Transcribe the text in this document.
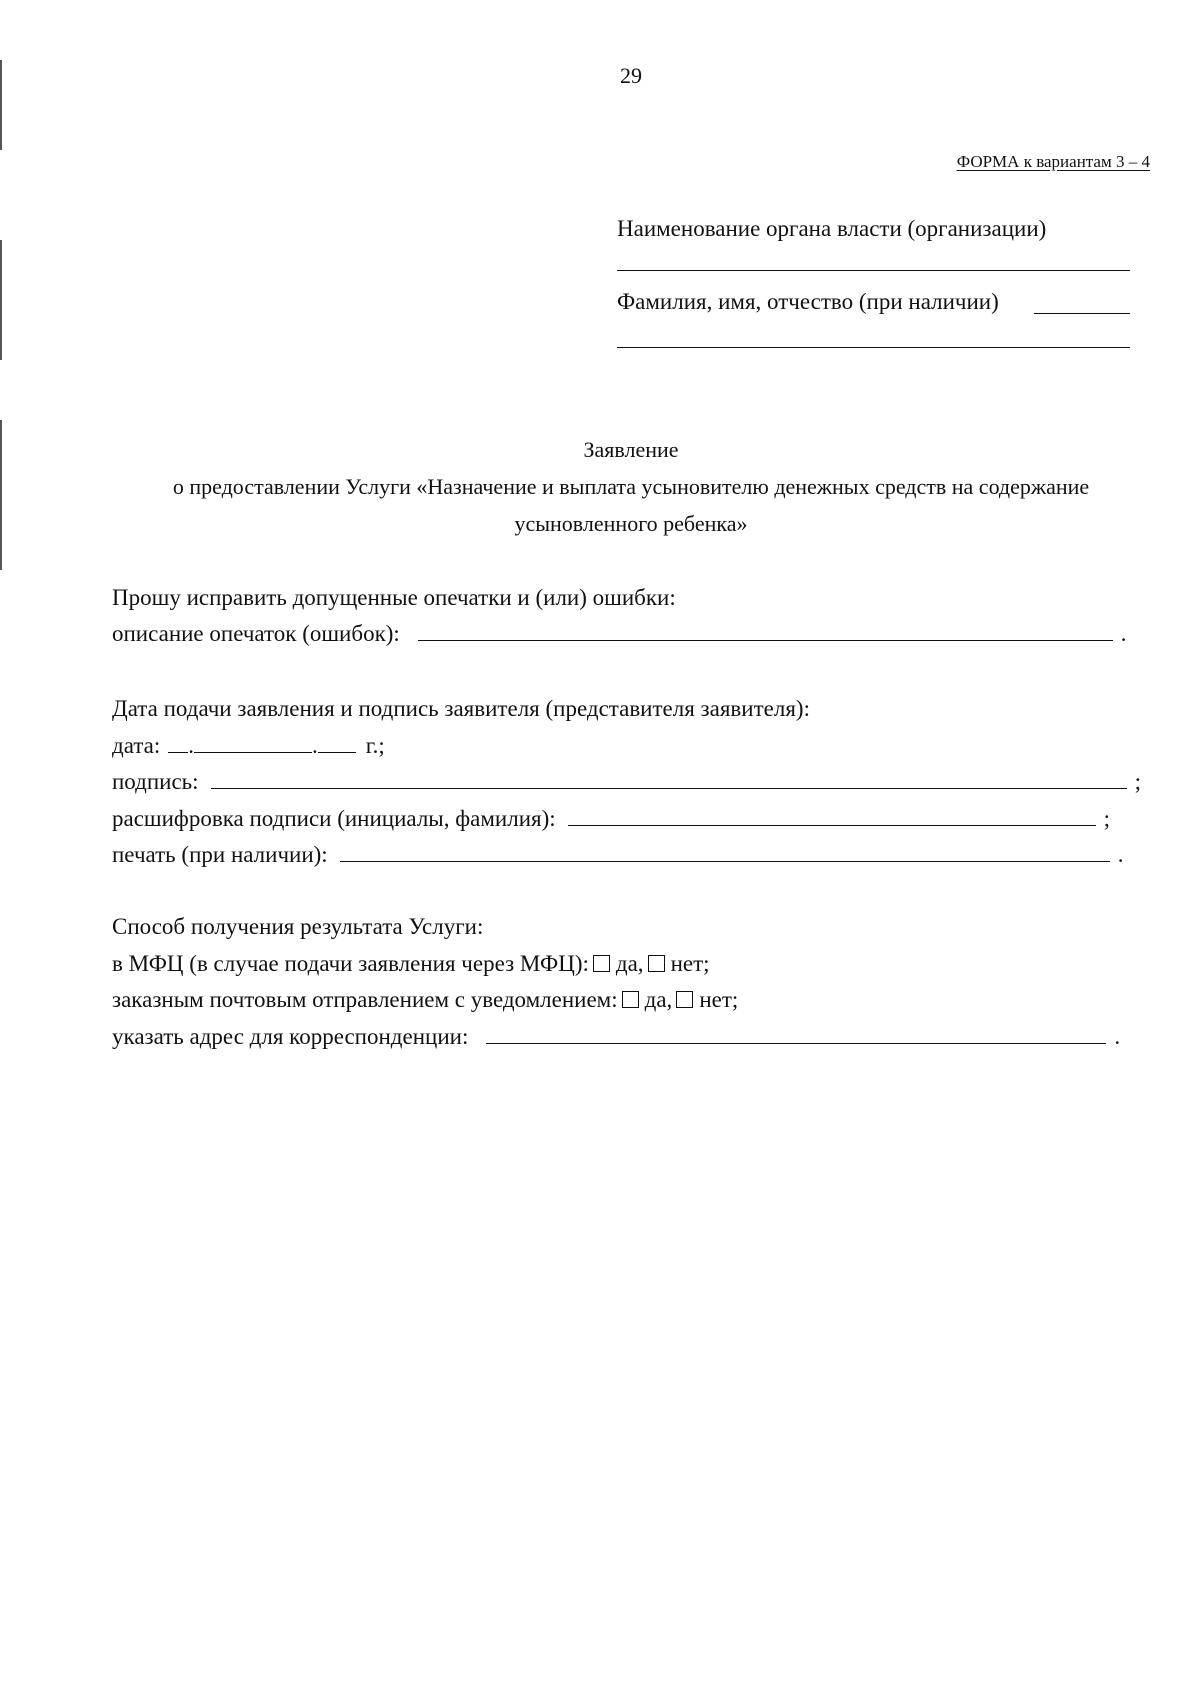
29
ФОРМА к вариантам 3 – 4
Наименование органа власти (организации)
Фамилия, имя, отчество (при наличии)
Заявление
о предоставлении Услуги «Назначение и выплата усыновителю денежных средств на содержание
усыновленного ребенка»
Прошу исправить допущенные опечатки и (или) ошибки:
описание опечаток (ошибок):	.
Дата подачи заявления и подпись заявителя (представителя заявителя):
дата: .	. г.;
подпись:	;
расшифровка подписи (инициалы, фамилия):	;
печать (при наличии):	.
Способ получения результата Услуги:
в МФЦ (в случае подачи заявления через МФЦ): да, нет;
заказным почтовым отправлением с уведомлением: да, нет;
указать адрес для корреспонденции:	.
